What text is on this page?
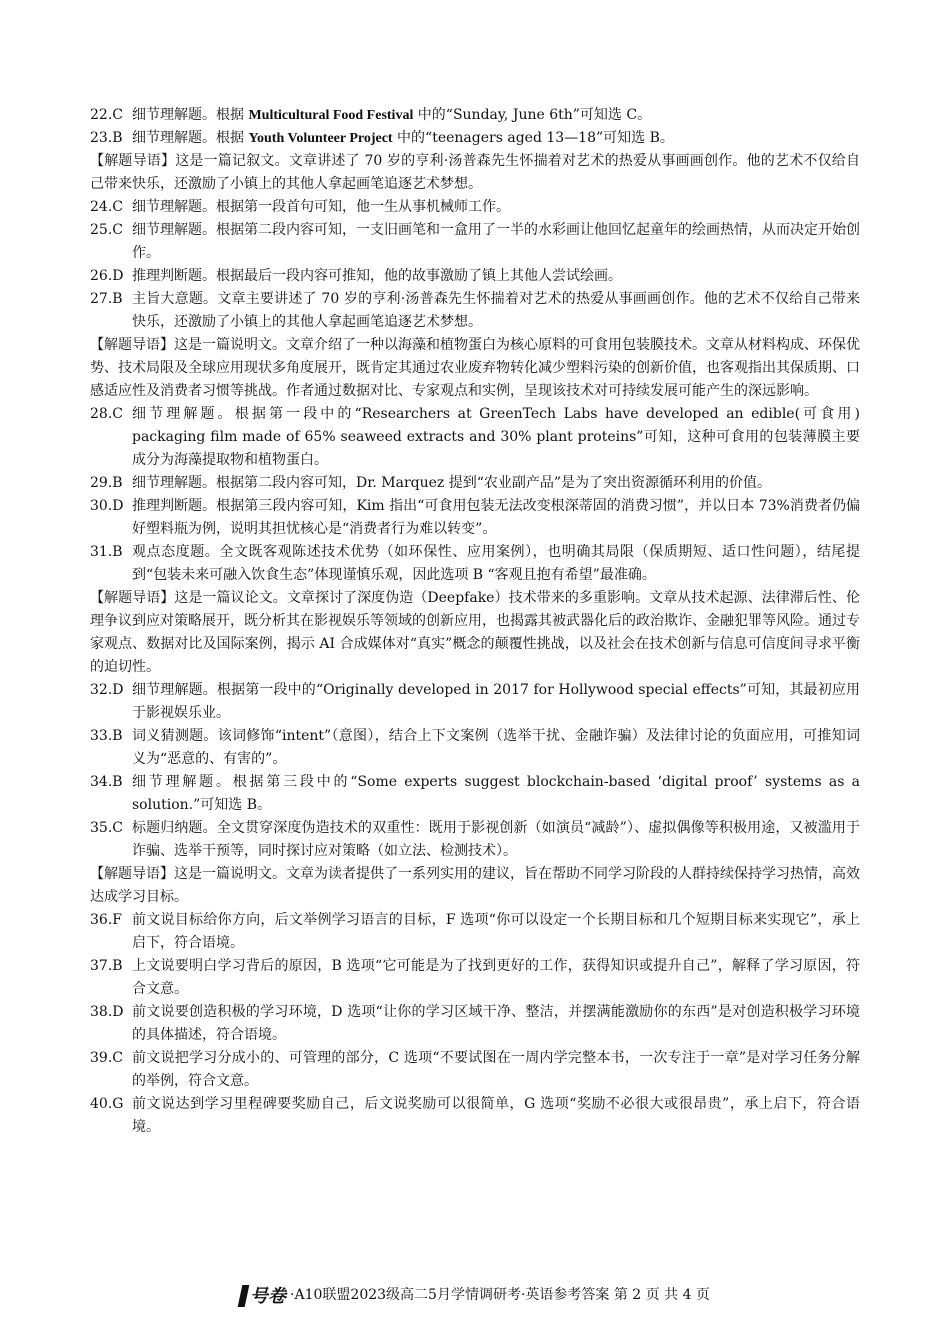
22.C 细节理解题。根据 Multicultural Food Festival 中的“Sunday, June 6th”可知选 C。
23.B 细节理解题。根据 Youth Volunteer Project 中的“teenagers aged 13—18”可知选 B。
【解题导语】这是一篇记叙文。文章讲述了 70 岁的亨利·汤普森先生怀揣着对艺术的热爱从事画画创作。他的艺术不仅给自己带来快乐，还激励了小镇上的其他人拿起画笔追逐艺术梦想。
24.C 细节理解题。根据第一段首句可知，他一生从事机械师工作。
25.C 细节理解题。根据第二段内容可知，一支旧画笔和一盒用了一半的水彩画让他回忆起童年的绘画热情，从而决定开始创作。
26.D 推理判断题。根据最后一段内容可推知，他的故事激励了镇上其他人尝试绘画。
27.B 主旨大意题。文章主要讲述了 70 岁的亨利·汤普森先生怀揣着对艺术的热爱从事画画创作。他的艺术不仅给自己带来快乐，还激励了小镇上的其他人拿起画笔追逐艺术梦想。
【解题导语】这是一篇说明文。文章介绍了一种以海藻和植物蛋白为核心原料的可食用包装膜技术。文章从材料构成、环保优势、技术局限及全球应用现状多角度展开，既肯定其通过农业废弃物转化减少塑料污染的创新价值，也客观指出其保质期、口感适应性及消费者习惯等挑战。作者通过数据对比、专家观点和实例，呈现该技术对可持续发展可能产生的深远影响。
28.C 细节理解题。根据第一段中的“Researchers at GreenTech Labs have developed an edible(可食用) packaging film made of 65% seaweed extracts and 30% plant proteins”可知，这种可食用的包装薄膜主要成分为海藻提取物和植物蛋白。
29.B 细节理解题。根据第二段内容可知，Dr. Marquez 提到“农业副产品”是为了突出资源循环利用的价值。
30.D 推理判断题。根据第三段内容可知，Kim 指出“可食用包装无法改变根深蒂固的消费习惯”，并以日本 73%消费者仍偏好塑料瓶为例，说明其担忧核心是“消费者行为难以转变”。
31.B 观点态度题。全文既客观陈述技术优势（如环保性、应用案例），也明确其局限（保质期短、适口性问题），结尾提到“包装未来可融入饮食生态”体现谨慎乐观，因此选项 B “客观且抱有希望”最准确。
【解题导语】这是一篇议论文。文章探讨了深度伪造（Deepfake）技术带来的多重影响。文章从技术起源、法律滞后性、伦理争议到应对策略展开，既分析其在影视娱乐等领域的创新应用，也揭露其被武器化后的政治欺诈、金融犯罪等风险。通过专家观点、数据对比及国际案例，揭示 AI 合成媒体对“真实”概念的颠覆性挑战，以及社会在技术创新与信息可信度间寻求平衡的迫切性。
32.D 细节理解题。根据第一段中的“Originally developed in 2017 for Hollywood special effects”可知，其最初应用于影视娱乐业。
33.B 词义猜测题。该词修饰“intent”（意图），结合上下文案例（选举干扰、金融诈骗）及法律讨论的负面应用，可推知词义为“恶意的、有害的”。
34.B 细节理解题。根据第三段中的“Some experts suggest blockchain-based ‘digital proof’ systems as a solution.”可知选 B。
35.C 标题归纳题。全文贯穿深度伪造技术的双重性：既用于影视创新（如演员“减龄”）、虚拟偶像等积极用途，又被滥用于诈骗、选举干预等，同时探讨应对策略（如立法、检测技术）。
【解题导语】这是一篇说明文。文章为读者提供了一系列实用的建议，旨在帮助不同学习阶段的人群持续保持学习热情，高效达成学习目标。
36.F 前文说目标给你方向，后文举例学习语言的目标，F 选项“你可以设定一个长期目标和几个短期目标来实现它”，承上启下，符合语境。
37.B 上文说要明白学习背后的原因，B 选项“它可能是为了找到更好的工作，获得知识或提升自己”，解释了学习原因，符合文意。
38.D 前文说要创造积极的学习环境，D 选项“让你的学习区域干净、整洁，并摆满能激励你的东西”是对创造积极学习环境的具体描述，符合语境。
39.C 前文说把学习分成小的、可管理的部分，C 选项“不要试图在一周内学完整本书，一次专注于一章”是对学习任务分解的举例，符合文意。
40.G 前文说达到学习里程碑要奖励自己，后文说奖励可以很简单，G 选项“奖励不必很大或很昂贵”，承上启下，符合语境。
号卷 ·A10联盟2023级高二5月学情调研考·英语参考答案 第 2 页 共 4 页
